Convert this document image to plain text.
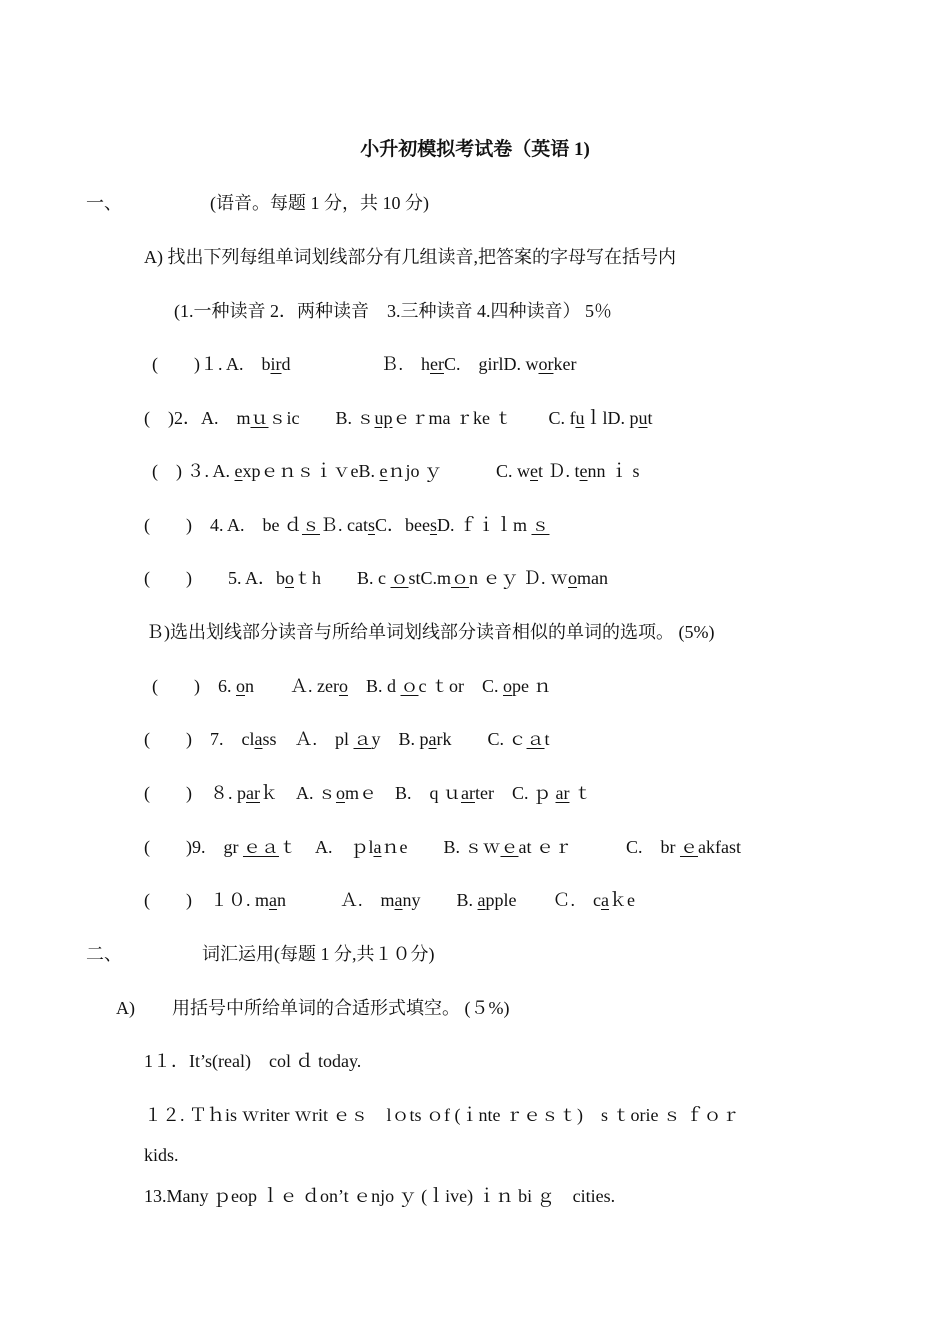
小升初模拟考试卷（英语 1)
一、	(语音。每题 1 分，共 10 分)
A) 找出下列每组单词划线部分有几组读音,把答案的字母写在括号内
(1.一种读音 2．两种读音　3.三种读音 4.四种读音） 5％
(　　)１. A.　bird　　　　　Ｂ.　herC.　girlD. worker
(　)2．A.　mｕｓic　　B. ｓupｅｒma ｒke ｔ　　C. fuｌlD. put
(　) ３. A. expｅｎｓｉｖeB. eｎjo ｙ　　　C. wet Ｄ. tenn ｉ s
(　　)　4. A.　be ｄｓＢ. catsC．beesD. ｆｉｌm ｓ
(　　)　　5. A．boｔh　　B. c ｏstC.mｏn ｅｙ Ｄ. ｗoman
Ｂ)选出划线部分读音与所给单词划线部分读音相似的单词的选项。 (5%)
(　　)　6. on　　Ａ. zero　B. d ｏc ｔor　C. ope ｎ
(　　)　7.　class　Ａ.　pl ａy　B. park　　C. ｃａt
(　　)　８. parｋ　A. ｓomｅ　B.　q ｕarter　C. ｐ ar ｔ
(　　)9.　gr ｅａｔ　A.　ｐlaｎe　　B. ｓｗｅat ｅｒ　　　C.　br ｅakfast
(　　)　１０. man　　　Ａ.　many　　B. apple　　Ｃ.　caｋe
二、	词汇运用(每题 1 分,共１０分)
A) 用括号中所给单词的合适形式填空。 (５%)
1１．It’s(real)　col ｄ today.
１２. Ｔｈis ｗriter ｗrit ｅｓ　lｏts ｏf (ｉnte ｒｅｓｔ)　s ｔorie ｓ ｆｏｒ
kids.
13.Many ｐeop ｌｅ ｄon’t ｅnjo ｙ (ｌive) ｉｎ bi ｇ　cities.
